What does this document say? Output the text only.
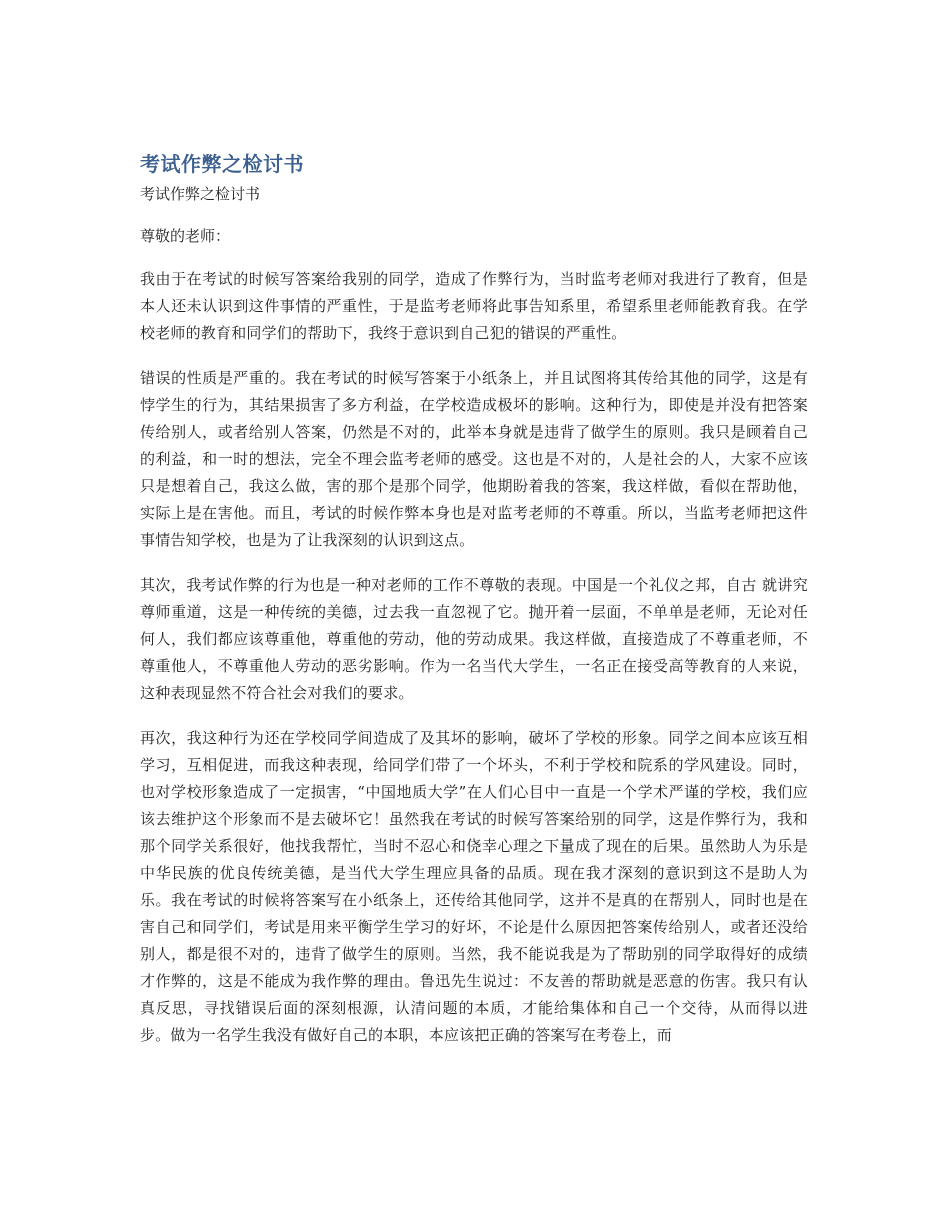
考试作弊之检讨书

考试作弊之检讨书

尊敬的老师：

我由于在考试的时候写答案给我别的同学，造成了作弊行为，当时监考老师对我进行了教育，但是本人还未认识到这件事情的严重性，于是监考老师将此事告知系里，希望系里老师能教育我。在学校老师的教育和同学们的帮助下，我终于意识到自己犯的错误的严重性。

错误的性质是严重的。我在考试的时候写答案于小纸条上，并且试图将其传给其他的同学，这是有悖学生的行为，其结果损害了多方利益，在学校造成极坏的影响。这种行为，即使是并没有把答案传给别人，或者给别人答案，仍然是不对的，此举本身就是违背了做学生的原则。我只是顾着自己的利益，和一时的想法，完全不理会监考老师的感受。这也是不对的，人是社会的人，大家不应该只是想着自己，我这么做，害的那个是那个同学，他期盼着我的答案，我这样做，看似在帮助他，实际上是在害他。而且，考试的时候作弊本身也是对监考老师的不尊重。所以，当监考老师把这件事情告知学校，也是为了让我深刻的认识到这点。

其次，我考试作弊的行为也是一种对老师的工作不尊敬的表现。中国是一个礼仪之邦，自古 就讲究尊师重道，这是一种传统的美德，过去我一直忽视了它。抛开着一层面，不单单是老师，无论对任何人，我们都应该尊重他，尊重他的劳动，他的劳动成果。我这样做，直接造成了不尊重老师，不尊重他人，不尊重他人劳动的恶劣影响。作为一名当代大学生，一名正在接受高等教育的人来说，这种表现显然不符合社会对我们的要求。

再次，我这种行为还在学校同学间造成了及其坏的影响，破坏了学校的形象。同学之间本应该互相学习，互相促进，而我这种表现，给同学们带了一个坏头，不利于学校和院系的学风建设。同时，也对学校形象造成了一定损害，“中国地质大学”在人们心目中一直是一个学术严谨的学校，我们应该去维护这个形象而不是去破坏它！虽然我在考试的时候写答案给别的同学，这是作弊行为，我和那个同学关系很好，他找我帮忙，当时不忍心和侥幸心理之下量成了现在的后果。虽然助人为乐是中华民族的优良传统美德，是当代大学生理应具备的品质。现在我才深刻的意识到这不是助人为乐。我在考试的时候将答案写在小纸条上，还传给其他同学，这并不是真的在帮别人，同时也是在害自己和同学们，考试是用来平衡学生学习的好坏，不论是什么原因把答案传给别人，或者还没给别人，都是很不对的，违背了做学生的原则。当然，我不能说我是为了帮助别的同学取得好的成绩才作弊的，这是不能成为我作弊的理由。鲁迅先生说过：不友善的帮助就是恶意的伤害。我只有认真反思，寻找错误后面的深刻根源，认清问题的本质，才能给集体和自己一个交待，从而得以进步。做为一名学生我没有做好自己的本职，本应该把正确的答案写在考卷上，而
